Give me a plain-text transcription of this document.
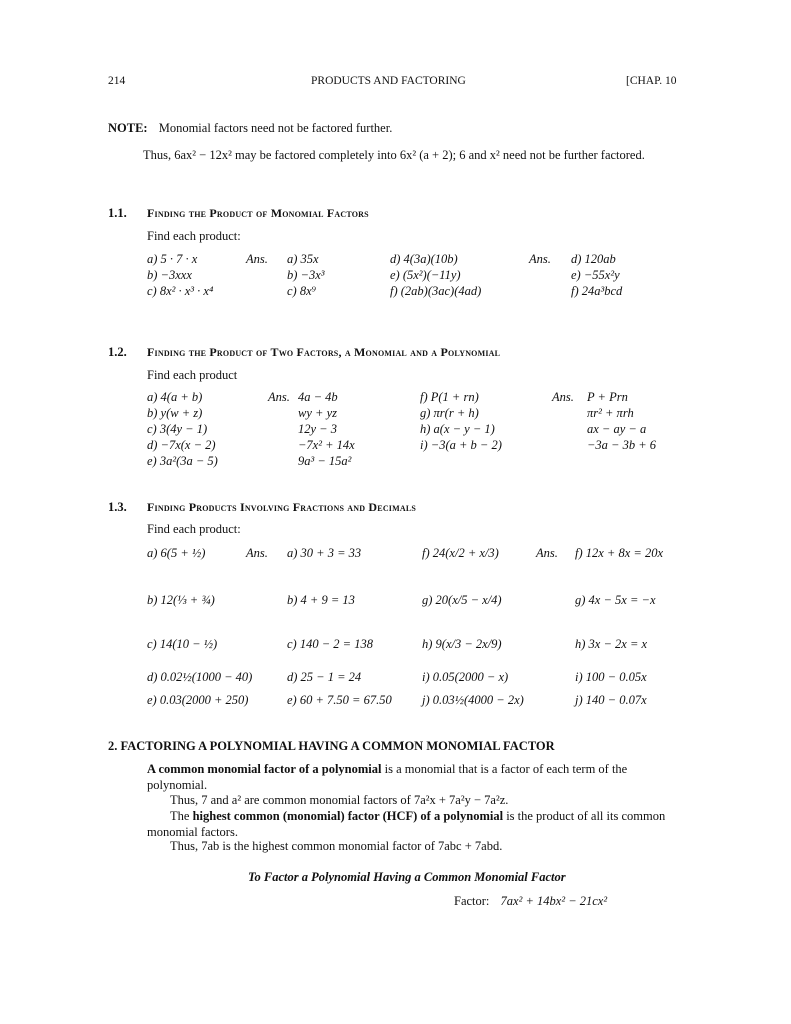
214	PRODUCTS AND FACTORING	[CHAP. 10
NOTE: Monomial factors need not be factored further.
Thus, 6ax² − 12x² may be factored completely into 6x² (a + 2); 6 and x² need not be further factored.
1.1. Finding the Product of Monomial Factors
Find each product:
a) 5 · 7 · x
b) −3xxx
c) 8x² · x³ · x⁴
Ans. a) 35x
b) −3x³
c) 8x⁹
d) 4(3a)(10b)
e) (5x²)(−11y)
f) (2ab)(3ac)(4ad)
Ans. d) 120ab
e) −55x²y
f) 24a³bcd
1.2. Finding the Product of Two Factors, a Monomial and a Polynomial
Find each product
a) 4(a + b)
b) y(w + z)
c) 3(4y − 1)
d) −7x(x − 2)
e) 3a²(3a − 5)
Ans. 4a − 4b
wy + yz
12y − 3
−7x² + 14x
9a³ − 15a²
f) P(1 + rn)
g) πr(r + h)
h) a(x − y − 1)
i) −3(a + b − 2)
Ans. P + Prn
πr² + πrh
ax − ay − a
−3a − 3b + 6
1.3. Finding Products Involving Fractions and Decimals
Find each product:
a) 6(5 + ½)
b) 12(⅓ + ¾)
c) 14(10 − ½)
d) 0.02½(1000 − 40)
e) 0.03(2000 + 250)
Ans. a) 30 + 3 = 33
b) 4 + 9 = 13
c) 140 − 2 = 138
d) 25 − 1 = 24
e) 60 + 7.50 = 67.50
f) 24(x/2 + x/3)
g) 20(x/5 − x/4)
h) 9(x/3 − 2x/9)
i) 0.05(2000 − x)
j) 0.03½(4000 − 2x)
Ans. f) 12x + 8x = 20x
g) 4x − 5x = −x
h) 3x − 2x = x
i) 100 − 0.05x
j) 140 − 0.07x
2. FACTORING A POLYNOMIAL HAVING A COMMON MONOMIAL FACTOR
A common monomial factor of a polynomial is a monomial that is a factor of each term of the polynomial.
Thus, 7 and a² are common monomial factors of 7a²x + 7a²y − 7a²z.
The highest common (monomial) factor (HCF) of a polynomial is the product of all its common monomial factors.
Thus, 7ab is the highest common monomial factor of 7abc + 7abd.
To Factor a Polynomial Having a Common Monomial Factor
Factor: 7ax² + 14bx² − 21cx²
